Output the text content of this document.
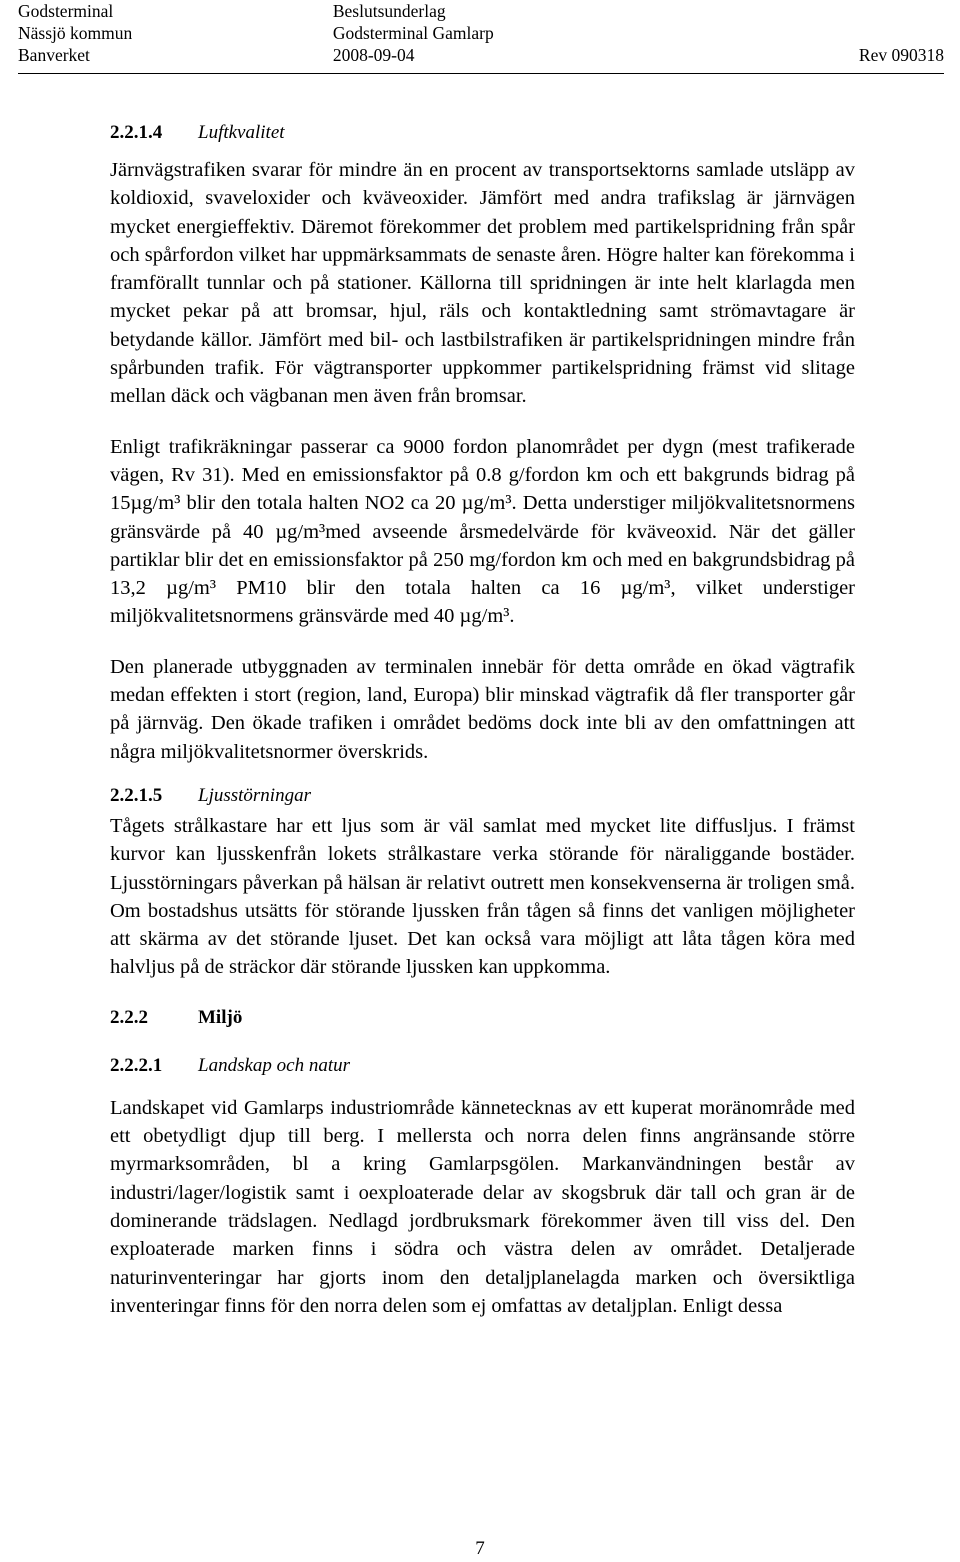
Godsterminal	Beslutsunderlag
Nässjö kommun	Godsterminal Gamlarp
Banverket	2008-09-04	Rev 090318
2.2.1.4 Luftkvalitet

Järnvägstrafiken svarar för mindre än en procent av transportsektorns samlade utsläpp av koldioxid, svaveloxider och kväveoxider. Jämfört med andra trafikslag är järnvägen mycket energieffektiv. Däremot förekommer det problem med partikelspridning från spår och spårfordon vilket har uppmärksammats de senaste åren. Högre halter kan förekomma i framförallt tunnlar och på stationer. Källorna till spridningen är inte helt klarlagda men mycket pekar på att bromsar, hjul, räls och kontaktledning samt strömavtagare är betydande källor. Jämfört med bil- och lastbilstrafiken är partikelspridningen mindre från spårbunden trafik. För vägtransporter uppkommer partikelspridning främst vid slitage mellan däck och vägbanan men även från bromsar.

Enligt trafikräkningar passerar ca 9000 fordon planområdet per dygn (mest trafikerade vägen, Rv 31). Med en emissionsfaktor på 0.8 g/fordon km och ett bakgrunds bidrag på 15µg/m³ blir den totala halten NO2 ca 20 µg/m³. Detta understiger miljökvalitetsnormens gränsvärde på 40 µg/m³med avseende årsmedelvärde för kväveoxid. När det gäller partiklar blir det en emissionsfaktor på 250 mg/fordon km och med en bakgrundsbidrag på 13,2 µg/m³ PM10 blir den totala halten ca 16 µg/m³, vilket understiger miljökvalitetsnormens gränsvärde med 40 µg/m³.

Den planerade utbyggnaden av terminalen innebär för detta område en ökad vägtrafik medan effekten i stort (region, land, Europa) blir minskad vägtrafik då fler transporter går på järnväg. Den ökade trafiken i området bedöms dock inte bli av den omfattningen att några miljökvalitetsnormer överskrids.

2.2.1.5 Ljusstörningar

Tågets strålkastare har ett ljus som är väl samlat med mycket lite diffusljus. I främst kurvor kan ljusskenfrån lokets strålkastare verka störande för näraliggande bostäder. Ljusstörningars påverkan på hälsan är relativt outrett men konsekvenserna är troligen små. Om bostadshus utsätts för störande ljussken från tågen så finns det vanligen möjligheter att skärma av det störande ljuset. Det kan också vara möjligt att låta tågen köra med halvljus på de sträckor där störande ljussken kan uppkomma.

2.2.2	Miljö
2.2.2.1 Landskap och natur

Landskapet vid Gamlarps industriområde kännetecknas av ett kuperat moränområde med ett obetydligt djup till berg. I mellersta och norra delen finns angränsande större myrmarksområden, bl a kring Gamlarpsgölen. Markanvändningen består av industri/lager/logistik samt i oexploaterade delar av skogsbruk där tall och gran är de dominerande trädslagen. Nedlagd jordbruksmark förekommer även till viss del. Den exploaterade marken finns i södra och västra delen av området. Detaljerade naturinventeringar har gjorts inom den detaljplanelagda marken och översiktliga inventeringar finns för den norra delen som ej omfattas av detaljplan. Enligt dessa

7
